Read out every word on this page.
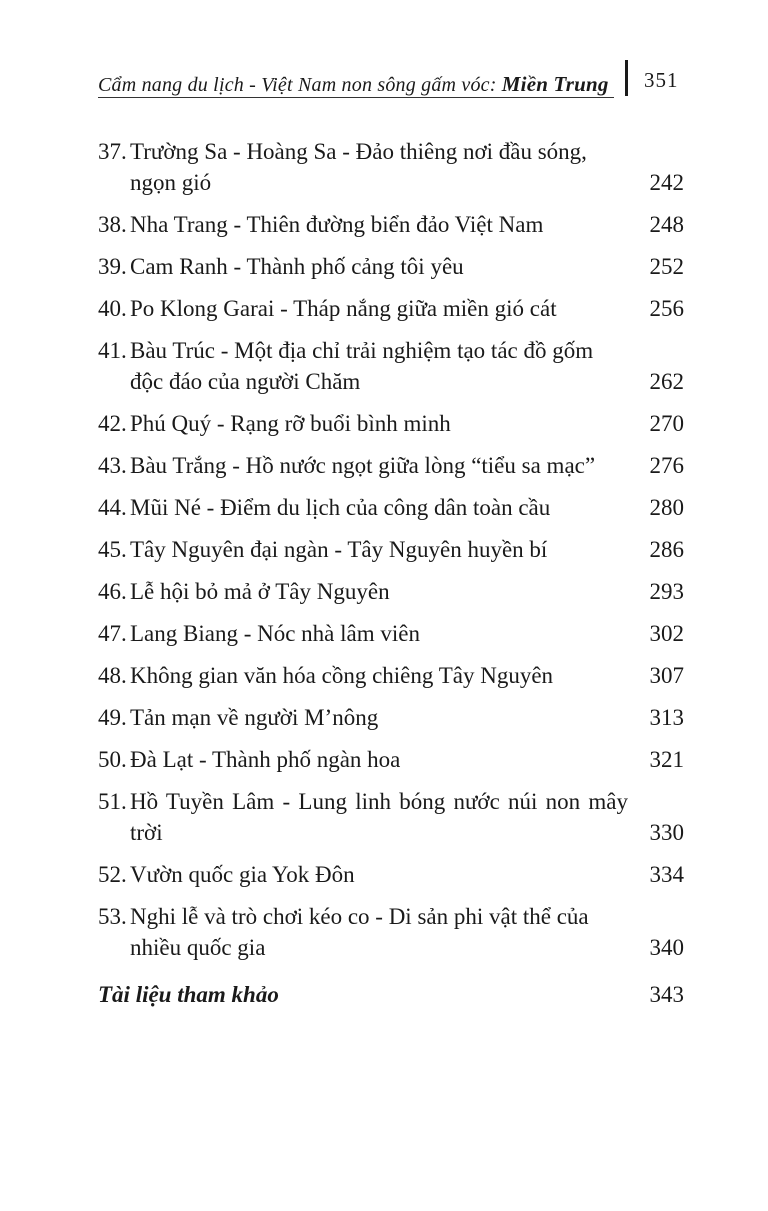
Cẩm nang du lịch - Việt Nam non sông gấm vóc: Miền Trung 351
37. Trường Sa - Hoàng Sa - Đảo thiêng nơi đầu sóng, ngọn gió	242
38. Nha Trang - Thiên đường biển đảo Việt Nam	248
39. Cam Ranh - Thành phố cảng tôi yêu	252
40. Po Klong Garai - Tháp nắng giữa miền gió cát	256
41. Bàu Trúc - Một địa chỉ trải nghiệm tạo tác đồ gốm độc đáo của người Chăm	262
42. Phú Quý - Rạng rỡ buổi bình minh	270
43. Bàu Trắng - Hồ nước ngọt giữa lòng “tiểu sa mạc”	276
44. Mũi Né - Điểm du lịch của công dân toàn cầu	280
45. Tây Nguyên đại ngàn - Tây Nguyên huyền bí	286
46. Lễ hội bỏ mả ở Tây Nguyên	293
47. Lang Biang - Nóc nhà lâm viên	302
48. Không gian văn hóa cồng chiêng Tây Nguyên	307
49. Tản mạn về người M’nông	313
50. Đà Lạt - Thành phố ngàn hoa	321
51. Hồ Tuyền Lâm - Lung linh bóng nước núi non mây trời	330
52. Vườn quốc gia Yok Đôn	334
53. Nghi lễ và trò chơi kéo co - Di sản phi vật thể của nhiều quốc gia	340
Tài liệu tham khảo	343
